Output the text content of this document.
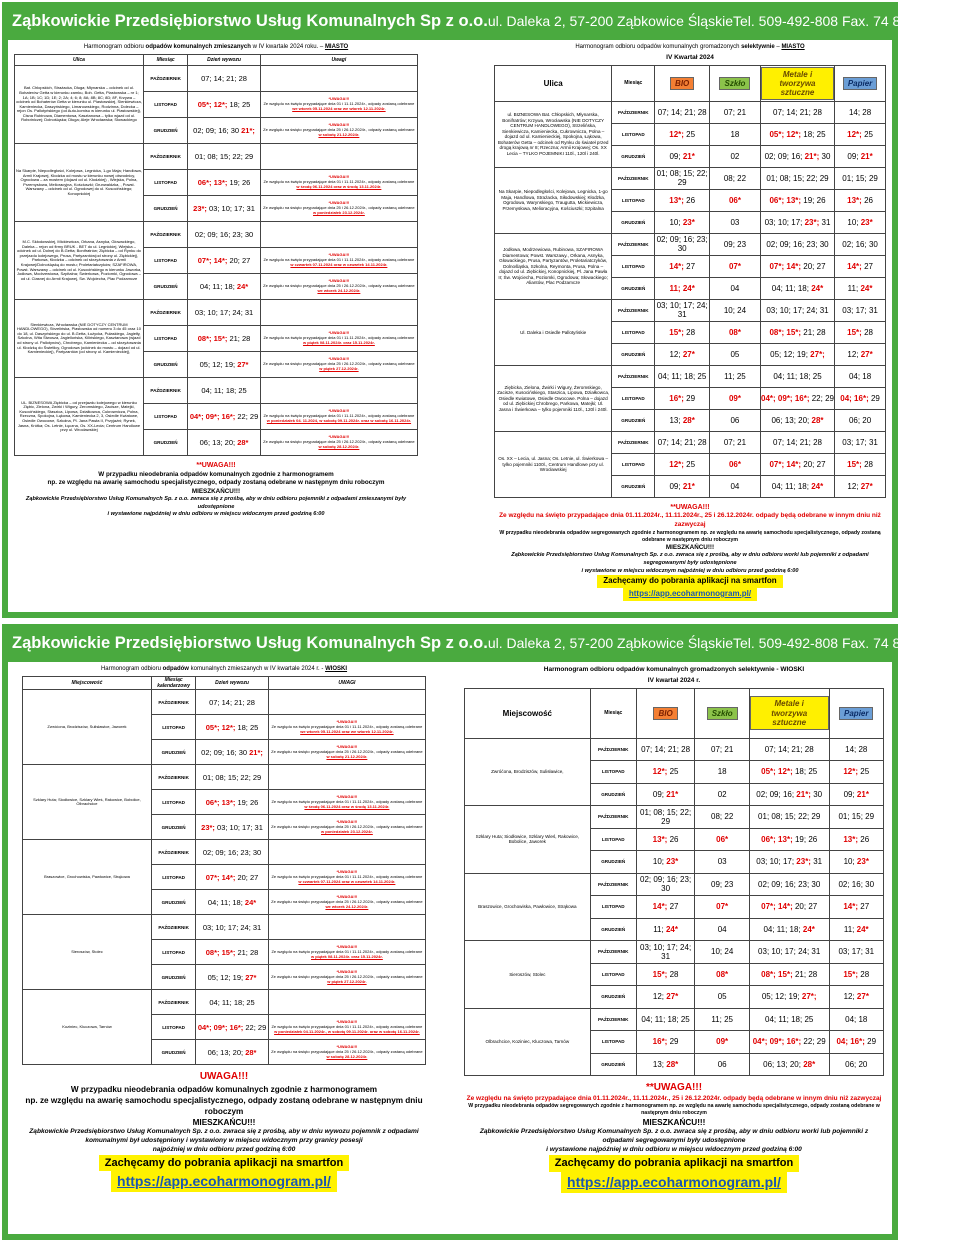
Ząbkowickie Przedsiębiorstwo Usług Komunalnych Sp z o.o. ul. Daleka 2, 57-200 Ząbkowice Śląskie Tel. 509-492-808 Fax. 74 8-100-328
Harmonogram odbioru odpadów komunalnych zmieszanych w IV kwartale 2024 roku. – MIASTO
Ulica	Miesiąc	Dzień wywozu	Uwagi
Bat. Chłopskich, Strażacka, Długa; Młynarska – odcinek od ul. Bohaterów Getta w kierunku zamku, Boh. Getta, Piastowska – nr 1; 1A; 1B; 1C; 1D; 1E; 2; 2A; 4; 6; 8; 8A; 8B; 8C; 8D; 8F, Krzywa – odcinek od Bohaterów Getta w kierunku ul. Piastowskiej, Sienkiewicza, Kamieniecka, Daszyńskiego, Limanowskiego, Rodzinna, Dolecka – rejon Os. Pallotyńskiego (od Auto-komisu w kierunku ul. Piastowskiej), Cisna Rubinowa, Diamentowa, Kasztanowa – tylko wjazd od ul. Robotniczej; Dolnośląska; Długa; Aleje Wrocławska; Słowackiego	PAŹDZIERNIK	07; 14; 21; 28	
	LISTOPAD	05*; 12*; 18; 25	*UWAGA!!!
Ze względu na święto przypadające dnia 01 i 11.11.2024r., odpady zostaną odebrane
we wtorek 05.11.2024 oraz we wtorek 12.11.2024r.

	GRUDZIEŃ	02; 09; 16; 30 21*;	*UWAGA!!!
Ze względu na święto przypadające dnia 25 i 26.12.2024r., odpady zostaną odebrane
w sobotę 21.12.2024r.

Na Skarpie, Niepodległości, Kolejowa, Legnicka, 1-go Maja; Handlowa, Armii Krajowej, Kłodzka od mostu w kierunku nowej obwodnicy, Ogrodowa – za mostem (dojazd od ul. Kłodzkiej) , Wiejska, Polna, Przemysłowa, Melioracyjna, Kościuszki; Grunwaldzka, , Powst. Warszawy – odcinek od ul. Ogrodowej do ul. Kusocińskiego; Konopnickiej	PAŹDZIERNIK	01; 08; 15; 22; 29	
	LISTOPAD	06*; 13*; 19; 26	*UWAGA!!!
Ze względu na święto przypadające dnia 01 i 11.11.2024r., odpady zostaną odebrane
w środę 06.11.2024 oraz w środę 13.11.2024r.

	GRUDZIEŃ	23*; 03; 10; 17; 31	*UWAGA!!!
Ze względu na święto przypadające dnia 25 i 26.12.2024r., odpady zostaną odebrane
w poniedziałek 23.12.2024r.

M.C. Skłodowskiej, Mickiewicza, Orkana, Asnyka, Głowackiego, Daleka – rejon od firmy BRUK - BET do ul. Legnickiej, Wiejska – odcinek od ul. Dolnej do B.Getta; Bonifratrów; Ziębicka – od Rynku do przejazdu kolejowego, Prusa, Partyzantów(od strony ul. Ziębickiej), Parkowa, Kłodzka – odcinek od skrzyżowania z Armii Krajowej/Dolnośląską do mostu; Proletariatczyków; SZAFIROWA, Powst. Warszawy – odcinek od ul. Kusocińskiego w kierunku Jaworka, Jodłowa, Modrzewiowa, Szpitalna; Świerkowa, Poziomki, Ogrodowa – od ul. Ciasnej do Armii Krajowej, Sw. Wojciecha, Plac Podzamcze	PAŹDZIERNIK	02; 09; 16; 23; 30	
	LISTOPAD	07*; 14*; 20; 27	*UWAGA!!!
Ze względu na święto przypadające dnia 01 i 11.11.2024r., odpady zostaną odebrane
w czwartek 07.11.2024 oraz w czwartek 14.11.2024r.

	GRUDZIEŃ	04; 11; 18; 24*	*UWAGA!!!
Ze względu na święto przypadające dnia 25 i 26.12.2024r., odpady zostaną odebrane
we wtorek 24.12.2024r.

Sienkiewicza, Wrocławska (NIE DOTYCZY CENTRUM HANDLOWEGO), Strzelińska, Piastowska od numeru 3 do 45 oraz 10 do 18, ul. Daszyńskiego do ul. B.Getta, Łużycka, Pułaskiego, Jagiełły, Szkolna, Wita Stwosza, Jagiellońska, Kilińskiego, Kasztanowa (wjazd od strony ul. Pallotynów), Chrobrego, Kamieniecka – od skrzyżowania ul. Kłodzką do Świetlicy, Ogrodowa (odcinek do mostu – dojazd od ul. Kamienieckiej), Partyzantów (od strony ul. Kamienieckiej),	PAŹDZIERNIK	03; 10; 17; 24; 31	
	LISTOPAD	08*; 15*; 21; 28	*UWAGA!!!
Ze względu na święto przypadające dnia 01 i 11.11.2024r., odpady zostaną odebrane
w piątek 08.11.2024r. oraz 15.11.2024r.

	GRUDZIEŃ	05; 12; 19; 27*	*UWAGA!!!
Ze względu na święto przypadające dnia 25 i 26.12.2024r., odpady zostaną odebrane
w piątek 27.12.2024r.

UL. BIZNESOWA Ziębicka – od przejazdu kolejowego w kierunku Ziębic, Zielona, Żwirki i Wigury, Żeromskiego, Zacisze, Matejki, Kusocińskiego, Staszica, Lipowa, Działkowca, Cukrownicza, Polna, Rzeczna, Spokojna, Łąkowa, Kamieniecka 2, 3, Osiedle Kwiatowe, Osiedle Owocowe, Szkolna, Pl. Jana Pawła II, Przyjaźni; Rynek, Jasna, Krótka; Os. Letnie, Łęczna, Os. XX-Lecia; Centrum Handlowe przy ul. Wrocławskiej	PAŹDZIERNIK	04; 11; 18; 25	
	LISTOPAD	04*; 09*; 16*; 22; 29	*UWAGA!!!
Ze względu na święto przypadające dnia 01 i 11.11.2024r., odpady zostaną odebrane
w poniedziałek 04. 11.2024, w sobotę 09.11.2024r. oraz w sobotę 16.11.2024r.

	GRUDZIEŃ	06; 13; 20; 28*	*UWAGA!!!
Ze względu na święto przypadające dnia 25 i 26.12.2024r., odpady zostaną odebrane
w sobotę 28.12.2024r.
**UWAGA!!!
W przypadku nieodebrania odpadów komunalnych zgodnie z harmonogramem
np. ze względu na awarię samochodu specjalistycznego, odpady zostaną odebrane w następnym dniu roboczym
MIESZKAŃCU!!!
Ząbkowickie Przedsiębiorstwo Usług Komunalnych Sp. z o.o. zwraca się z prośbą, aby w dniu odbioru pojemniki z odpadami zmieszanymi były udostępnione
i wystawione najpóźniej w dniu odbioru w miejscu widocznym przed godziną 6:00
Harmonogram odbioru odpadów komunalnych gromadzonych selektywnie – MIASTO
IV Kwartał 2024
Ulica	Miesiąc	BIO	Szkło	Metale i tworzywa sztuczne	Papier
ul. BIZNESOWA Bat. Chłopskich, Młynarska, Bonifratrów; Krzywa, Wrocławska (NIE DOTYCZY CENTRUM HANDLOWEGO), Strzelińska, Sienkiewicza, Kamieniecka, Cukrownicza, Polna – dojazd od ul. Kamienieckiej, Spokojna, Łąkowa, Bohaterów Getta – odcinek od Rynku do świateł przed drogą krajową nr 8; Rzeczna; Armii Krajowej; Os. XX Lecia – TYLKO POJEMNIKI 110l., 120l i 240l.	PAŹDZIERNIK	07; 14; 21; 28	07; 21	07; 14; 21; 28	14; 28
	LISTOPAD	12*; 25	18	05*; 12*; 18; 25	12*; 25
	GRUDZIEŃ	09; 21*	02	02; 09; 16; 21*; 30	09; 21*
Na Skarpie, Niepodległości, Kolejowa, Legnicka, 1-go Maja, Handlowa, Strażacka, Siłodowskiej; Kłodzka, Ogrodowa, Warynskiego, Traugutta, Mickiewicza, Przemysłowa, Melioracyjna, Kościuszki; Szpitalna	PAŹDZIERNIK	01; 08; 15; 22; 29	08; 22	01; 08; 15; 22; 29	01; 15; 29
	LISTOPAD	13*; 26	06*	06*; 13*; 19; 26	13*; 26
	GRUDZIEŃ	10; 23*	03	03; 10; 17; 23*; 31	10; 23*
Jodłowa, Modrzewiowa, Rubinowa, SZAFIROWA Diamentowa; Powst. Warszawy., Orkana, Asnyka, Głowackiego, Prusa, Partyzantów, Proletariatczyków, Dolnośląska, Szkolna, Reymonta, Prusa, Polna – dojazd od ul. Ziębickiej, Konopnickiej, Pl. Jana Pawła II; Św. Wojciecha, Poziomki, Ogrodowa; Słowackiego; Aliantów, Plac Podzamcze	PAŹDZIERNIK	02; 09; 16; 23; 30	09; 23	02; 09; 16; 23; 30	02; 16; 30
	LISTOPAD	14*; 27	07*	07*; 14*; 20; 27	14*; 27
	GRUDZIEŃ	11; 24*	04	04; 11; 18; 24*	11; 24*
Ul. Daleka i Osiedle Pallotyńskie	PAŹDZIERNIK	03; 10; 17; 24; 31	10; 24	03; 10; 17; 24; 31	03; 17; 31
	LISTOPAD	15*; 28	08*	08*; 15*; 21; 28	15*; 28
	GRUDZIEŃ	12; 27*	05	05; 12; 19; 27*;	12; 27*
Ziębicka, Zielona, Żwirki i Wigury, Żeromskiego, Zacisze, Kusocińskiego, Staszica, Lipowa, Działkowca, Osiedle Kwiatowe, Osiedle Owocowe. Polna – dojazd od ul. Ziębickiej Chrobrego, Parkowa, Matejki; Ul. Jasna i Świerkowa – tylko pojemniki 110l., 120l i 240l.	PAŹDZIERNIK	04; 11; 18; 25	11; 25	04; 11; 18; 25	04; 18
	LISTOPAD	16*; 29	09*	04*; 09*; 16*; 22; 29	04; 16*; 29
	GRUDZIEŃ	13; 28*	06	06; 13; 20; 28*	06; 20
Os. XX – Lecia, ul. Jasna; Os. Letnie, ul. Świerkowa – tylko pojemniki 1100l., Centrum Handlowe przy ul. Wrocławskiej	PAŹDZIERNIK	07; 14; 21; 28	07; 21	07; 14; 21; 28	03; 17; 31
	LISTOPAD	12*; 25	06*	07*; 14*; 20; 27	15*; 28
	GRUDZIEŃ	09; 21*	04	04; 11; 18; 24*	12; 27*
**UWAGA!!!
Ze względu na święto przypadające dnia 01.11.2024r., 11.11.2024r., 25 i 26.12.2024r. odpady będą odebrane w innym dniu niż zazwyczaj
W przypadku nieodebrania odpadów segregowanych zgodnie z harmonogramem np. ze względu na awarię samochodu specjalistycznego, odpady zostaną odebrane w następnym dniu roboczym
MIESZKAŃCU!!!
Ząbkowickie Przedsiębiorstwo Usług Komunalnych Sp. z o.o. zwraca się z prośbą, aby w dniu odbioru worki lub pojemniki z odpadami segregowanymi były udostępnione
i wystawione w miejscu widocznym najpóźniej w dniu odbioru przed godziną 6:00
Zachęcamy do pobrania aplikacji na smartfon
https://app.ecoharmonogram.pl/
Ząbkowickie Przedsiębiorstwo Usług Komunalnych Sp z o.o. ul. Daleka 2, 57-200 Ząbkowice Śląskie Tel. 509-492-808 Fax. 74 8-100-328
Harmonogram odbioru odpadów komunalnych zmieszanych w IV kwartale 2024 r. - WIOSKI
Miejscowość	Miesiąc kalendarzowy	Dzień wywozu	UWAGI
Zwróćona, Brodziszów, Sulisławice, Jaworek	PAŹDZIERNIK	07; 14; 21; 28	
	LISTOPAD	05*; 12*; 18; 25	*UWAGA!!!
Ze względu na święto przypadające dnia 01 i 11.11.2024r., odpady zostaną odebrane
we wtorek 05.11.2024 oraz we wtorek 12.11.2024r.

	GRUDZIEŃ	02; 09; 16; 30 21*;	*UWAGA!!!
Ze względu na święto przypadające dnia 25 i 26.12.2024r., odpady zostaną odebrane
w sobotę 21.12.2024r.

Szklary Huta; Siodłowice, Szklary Wieś, Rakowice, Bobolice, Olbrachcice	PAŹDZIERNIK	01; 08; 15; 22; 29	
	LISTOPAD	06*; 13*; 19; 26	*UWAGA!!!
Ze względu na święto przypadające dnia 01 i 11.11.2024r., odpady zostaną odebrane
w środę 06.11.2024 oraz w środę 13.11.2024r.

	GRUDZIEŃ	23*; 03; 10; 17; 31	*UWAGA!!!
Ze względu na święto przypadające dnia 25 i 26.12.2024r., odpady zostaną odebrane
w poniedziałek 23.12.2024r.

Braszowice, Grochowiska, Pawłowice, Strąkowa	PAŹDZIERNIK	02; 09; 16; 23; 30	
	LISTOPAD	07*; 14*; 20; 27	*UWAGA!!!
Ze względu na święto przypadające dnia 01 i 11.11.2024r., odpady zostaną odebrane
w czwartek 07.11.2024 oraz w czwartek 14.11.2024r.

	GRUDZIEŃ	04; 11; 18; 24*	*UWAGA!!!
Ze względu na święto przypadające dnia 25 i 26.12.2024r., odpady zostaną odebrane
we wtorek 24.12.2024r.

Sieroszów, Stolec	PAŹDZIERNIK	03; 10; 17; 24; 31	
	LISTOPAD	08*; 15*; 21; 28	*UWAGA!!!
Ze względu na święto przypadające dnia 01 i 11.11.2024r., odpady zostaną odebrane
w piątek 08.11.2024r. oraz 15.11.2024r.

	GRUDZIEŃ	05; 12; 19; 27*	*UWAGA!!!
Ze względu na święto przypadające dnia 25 i 26.12.2024r., odpady zostaną odebrane
w piątek 27.12.2024r.

Koziniec, Kluczowa, Tarnów	PAŹDZIERNIK	04; 11; 18; 25	
	LISTOPAD	04*; 09*; 16*; 22; 29	*UWAGA!!!
Ze względu na święto przypadające dnia 01 i 11.11.2024r., odpady zostaną odebrane
w poniedziałek 04.11.2024r., w sobotę 09.11.2024r. oraz w sobotę 16.11.2024r.

	GRUDZIEŃ	06; 13; 20; 28*	*UWAGA!!!
Ze względu na święto przypadające dnia 25 i 26.12.2024r., odpady zostaną odebrane
w sobotę 28.12.2024r.
UWAGA!!!
W przypadku nieodebrania odpadów komunalnych zgodnie z harmonogramem
np. ze względu na awarię samochodu specjalistycznego, odpady zostaną odebrane w następnym dniu roboczym
MIESZKAŃCU!!!
Ząbkowickie Przedsiębiorstwo Usług Komunalnych Sp. z o.o. zwraca się z prośbą, aby w dniu wywozu pojemnik z odpadami komunalnymi był udostępniony i wystawiony w miejscu widocznym przy granicy posesji
najpóźniej w dniu odbioru przed godziną 6:00
Zachęcamy do pobrania aplikacji na smartfon
https://app.ecoharmonogram.pl/
Harmonogram odbioru odpadów komunalnych gromadzonych selektywnie - WIOSKI
IV kwartał 2024 r.
Miejscowość	Miesiąc	BIO	Szkło	Metale i tworzywa sztuczne	Papier
Zwróćona, Brodziszów, Sulisławice,	PAŹDZIERNIK	07; 14; 21; 28	07; 21	07; 14; 21; 28	14; 28
	LISTOPAD	12*; 25	18	05*; 12*; 18; 25	12*; 25
	GRUDZIEŃ	09; 21*	02	02; 09; 16; 21*; 30	09; 21*
Szklary Huta; Siodłowice, Szklary Wieś, Rakowice, Bobolice, Jaworek	PAŹDZIERNIK	01; 08; 15; 22; 29	08; 22	01; 08; 15; 22; 29	01; 15; 29
	LISTOPAD	13*; 26	06*	06*; 13*; 19; 26	13*; 26
	GRUDZIEŃ	10; 23*	03	03; 10; 17; 23*; 31	10; 23*
Braszowice, Grochowiska, Pawłowice, Strąkowa	PAŹDZIERNIK	02; 09; 16; 23; 30	09; 23	02; 09; 16; 23; 30	02; 16; 30
	LISTOPAD	14*; 27	07*	07*; 14*; 20; 27	14*; 27
	GRUDZIEŃ	11; 24*	04	04; 11; 18; 24*	11; 24*
Sieroszów, Stolec	PAŹDZIERNIK	03; 10; 17; 24; 31	10; 24	03; 10; 17; 24; 31	03; 17; 31
	LISTOPAD	15*; 28	08*	08*; 15*; 21; 28	15*; 28
	GRUDZIEŃ	12; 27*	05	05; 12; 19; 27*;	12; 27*
Olbrachcice, Koziniec, Kluczowa, Tarnów	PAŹDZIERNIK	04; 11; 18; 25	11; 25	04; 11; 18; 25	04; 18
	LISTOPAD	16*; 29	09*	04*; 09*; 16*; 22; 29	04; 16*; 29
	GRUDZIEŃ	13; 28*	06	06; 13; 20; 28*	06; 20
**UWAGA!!!
Ze względu na święto przypadające dnia 01.11.2024r., 11.11.2024r., 25 i 26.12.2024r. odpady będą odebrane w innym dniu niż zazwyczaj
W przypadku nieodebrania odpadów segregowanych zgodnie z harmonogramem np. ze względu na awarię samochodu specjalistycznego, odpady zostaną odebrane w następnym dniu roboczym
MIESZKAŃCU!!!
Ząbkowickie Przedsiębiorstwo Usług Komunalnych Sp. z o.o. zwraca się z prośbą, aby w dniu odbioru worki lub pojemniki z odpadami segregowanymi były udostępnione
i wystawione najpóźniej w dniu odbioru w miejscu widocznym przed godziną 6:00
Zachęcamy do pobrania aplikacji na smartfon
https://app.ecoharmonogram.pl/
